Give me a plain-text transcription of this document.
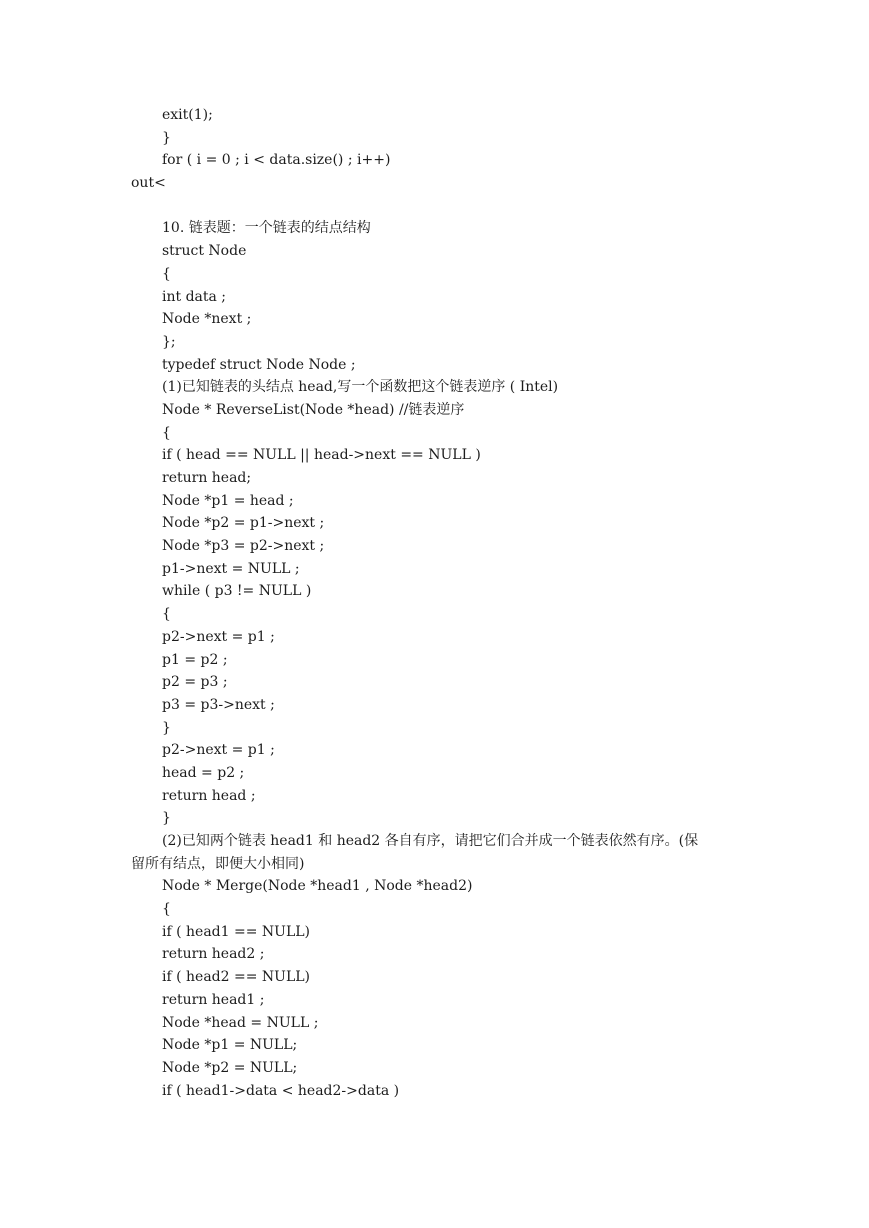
exit(1);
}
for ( i = 0 ; i < data.size() ; i++)
out<
10. 链表题：一个链表的结点结构
struct Node
{
int data ;
Node *next ;
};
typedef struct Node Node ;
(1)已知链表的头结点 head,写一个函数把这个链表逆序 ( Intel)
Node * ReverseList(Node *head) //链表逆序
{
if ( head == NULL || head->next == NULL )
return head;
Node *p1 = head ;
Node *p2 = p1->next ;
Node *p3 = p2->next ;
p1->next = NULL ;
while ( p3 != NULL )
{
p2->next = p1 ;
p1 = p2 ;
p2 = p3 ;
p3 = p3->next ;
}
p2->next = p1 ;
head = p2 ;
return head ;
}
(2)已知两个链表 head1 和 head2 各自有序，请把它们合并成一个链表依然有序。(保
留所有结点，即便大小相同)
Node * Merge(Node *head1 , Node *head2)
{
if ( head1 == NULL)
return head2 ;
if ( head2 == NULL)
return head1 ;
Node *head = NULL ;
Node *p1 = NULL;
Node *p2 = NULL;
if ( head1->data < head2->data )
